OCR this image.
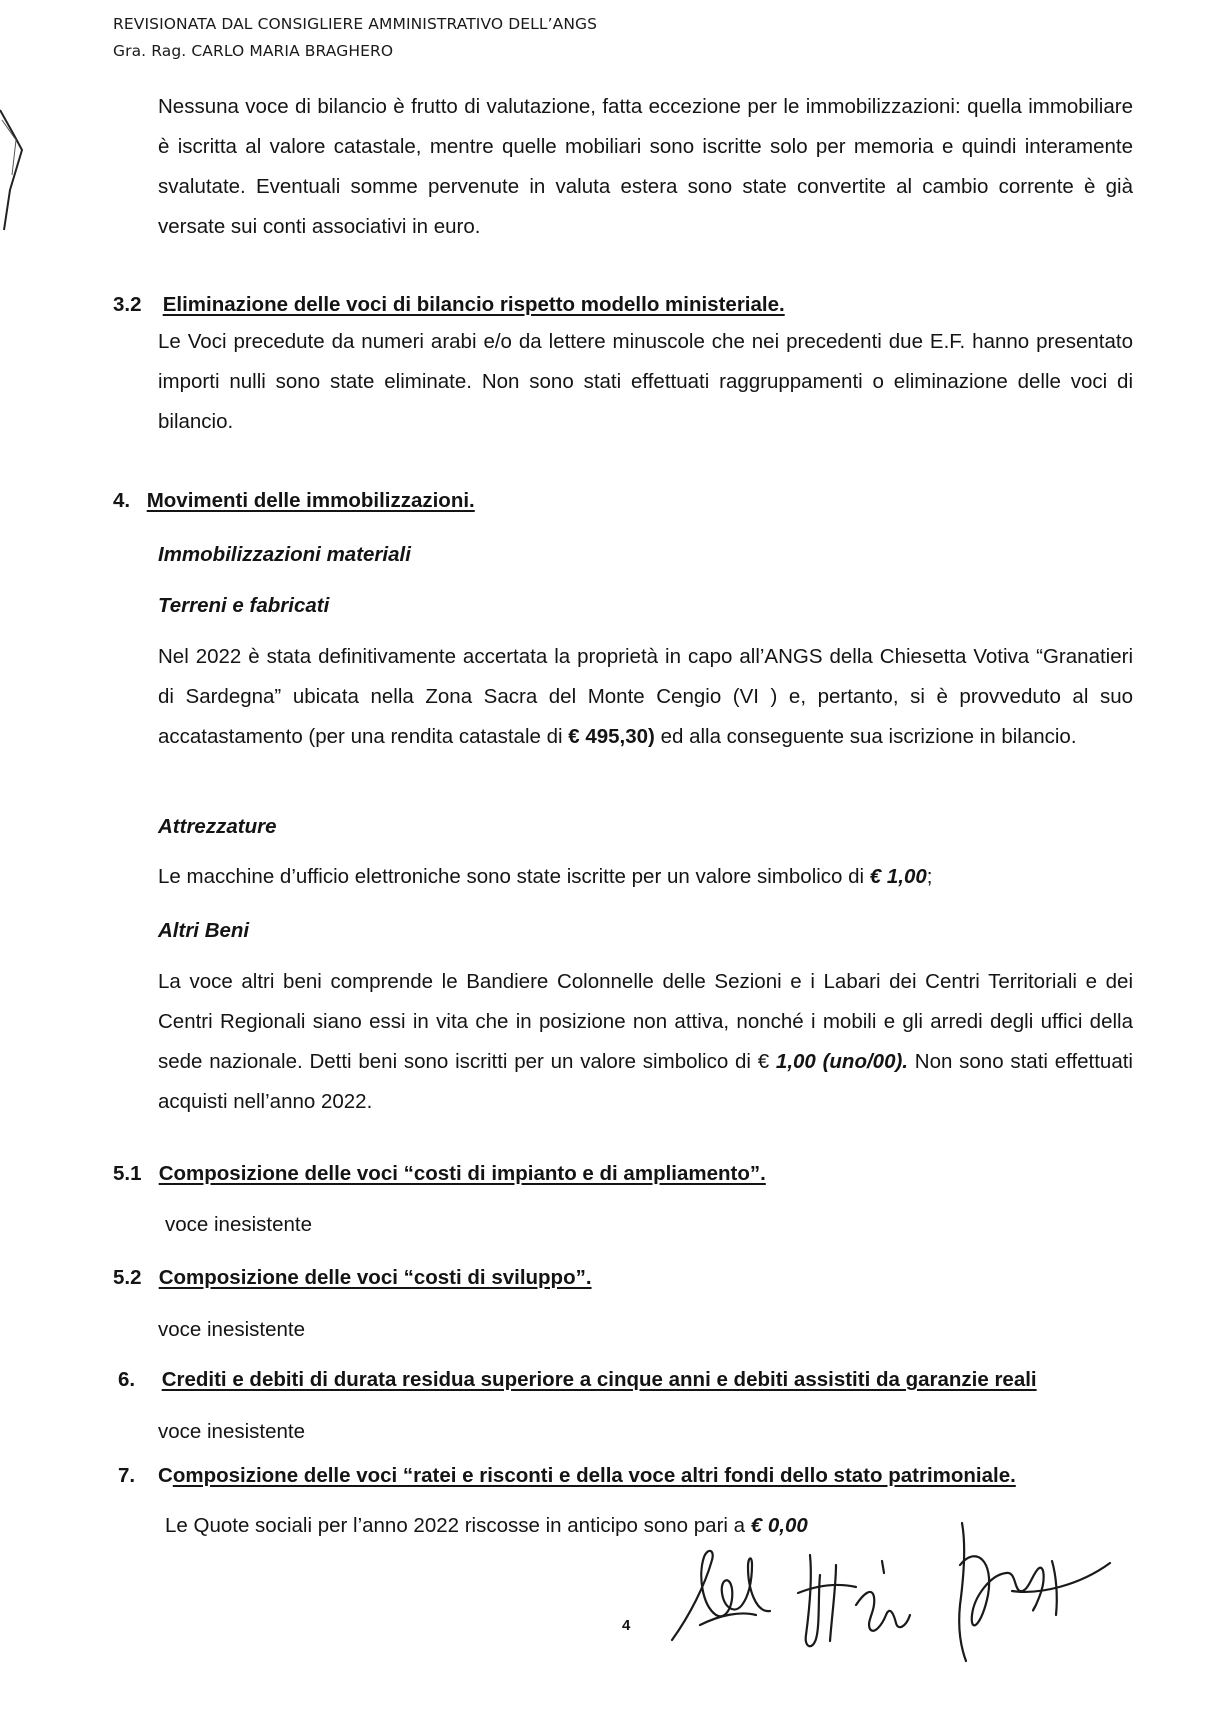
REVISIONATA DAL CONSIGLIERE AMMINISTRATIVO DELL’ANGS
Gra. Rag. CARLO MARIA BRAGHERO
Nessuna voce di bilancio è frutto di valutazione, fatta eccezione per le immobilizzazioni: quella immobiliare è iscritta al valore catastale, mentre quelle mobiliari sono iscritte solo per memoria e quindi interamente svalutate. Eventuali somme pervenute in valuta estera sono state convertite al cambio corrente è già versate sui conti associativi in euro.
3.2 Eliminazione delle voci di bilancio rispetto modello ministeriale.
Le Voci precedute da numeri arabi e/o da lettere minuscole che nei precedenti due E.F. hanno presentato importi nulli sono state eliminate. Non sono stati effettuati raggruppamenti o eliminazione delle voci di bilancio.
4. Movimenti delle immobilizzazioni.
Immobilizzazioni materiali
Terreni e fabricati
Nel 2022 è stata definitivamente accertata la proprietà in capo all’ANGS della Chiesetta Votiva “Granatieri di Sardegna” ubicata nella Zona Sacra del Monte Cengio (VI ) e, pertanto, si è provveduto al suo accatastamento (per una rendita catastale di € 495,30) ed alla conseguente sua iscrizione in bilancio.
Attrezzature
Le macchine d’ufficio elettroniche sono state iscritte per un valore simbolico di € 1,00;
Altri Beni
La voce altri beni comprende le Bandiere Colonnelle delle Sezioni e i Labari dei Centri Territoriali e dei Centri Regionali siano essi in vita che in posizione non attiva, nonché i mobili e gli arredi degli uffici della sede nazionale. Detti beni sono iscritti per un valore simbolico di € 1,00 (uno/00). Non sono stati effettuati acquisti nell’anno 2022.
5.1 Composizione delle voci “costi di impianto e di ampliamento”.
voce inesistente
5.2 Composizione delle voci “costi di sviluppo”.
voce inesistente
6. Crediti e debiti di durata residua superiore a cinque anni e debiti assistiti da garanzie reali
voce inesistente
7. Composizione delle voci “ratei e risconti e della voce altri fondi dello stato patrimoniale.
Le Quote sociali per l’anno 2022 riscosse in anticipo sono pari a € 0,00
4
